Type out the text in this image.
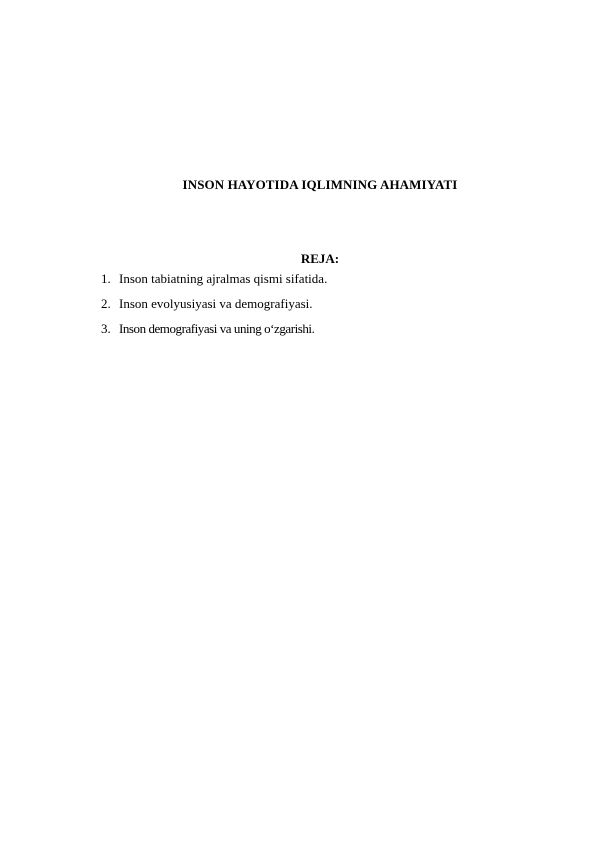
INSON HAYOTIDA IQLIMNING AHAMIYATI
REJA:
1. Inson tabiatning ajralmas qismi sifatida.
2. Inson evolyusiyasi va demografiyasi.
3. Inson demografiyasi va uning o‘zgarishi.
